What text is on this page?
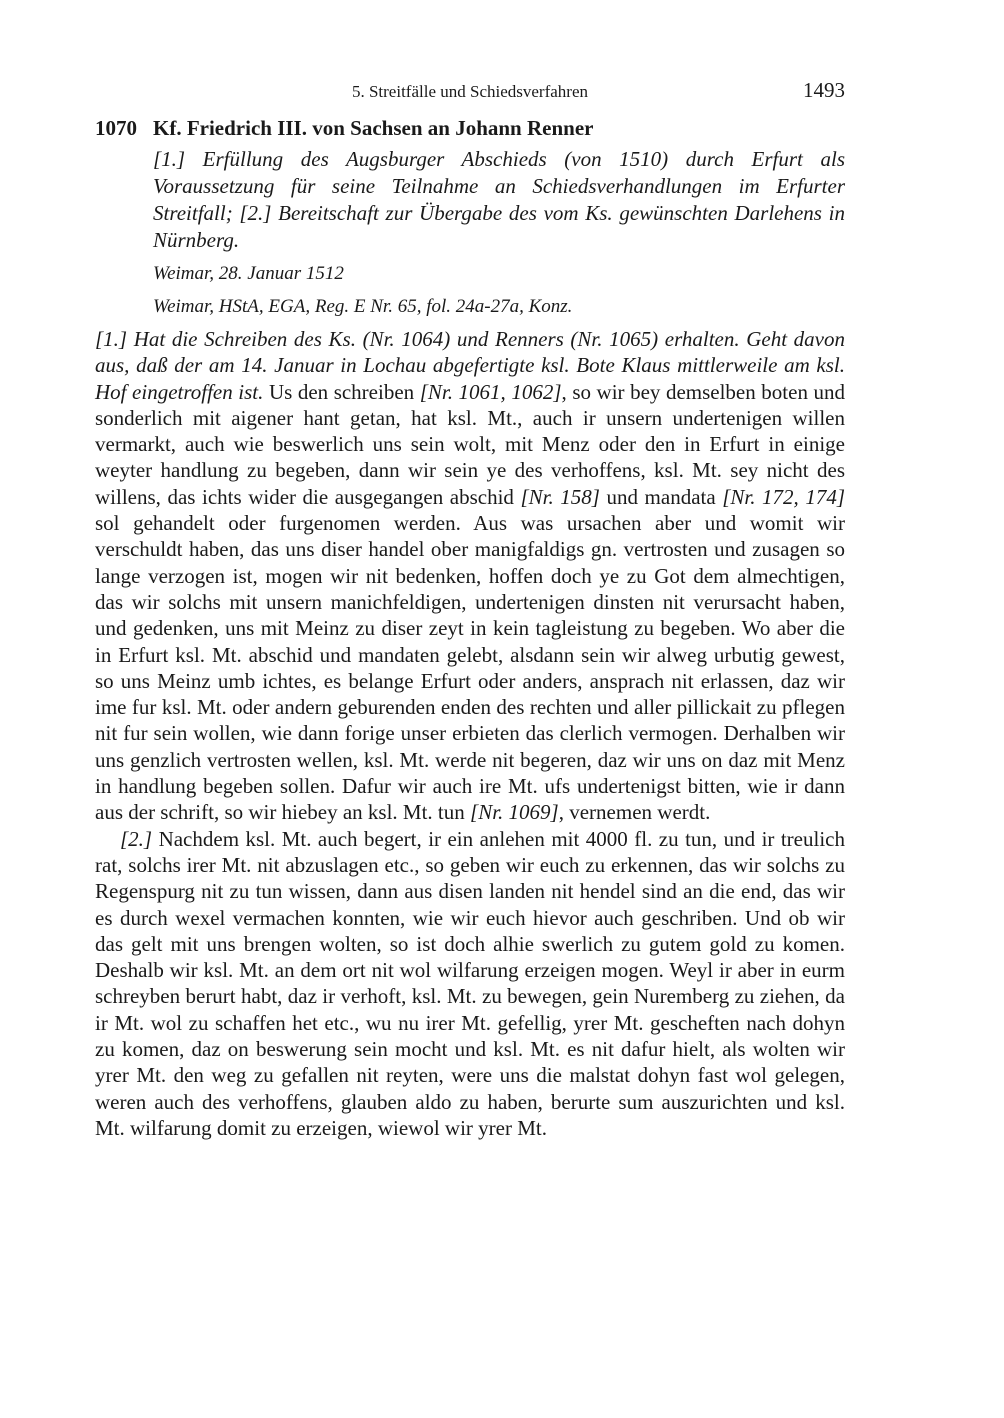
5. Streitfälle und Schiedsverfahren	1493
1070 Kf. Friedrich III. von Sachsen an Johann Renner

[1.] Erfüllung des Augsburger Abschieds (von 1510) durch Erfurt als Voraussetzung für seine Teilnahme an Schiedsverhandlungen im Erfurter Streitfall; [2.] Bereitschaft zur Übergabe des vom Ks. gewünschten Darlehens in Nürnberg.

Weimar, 28. Januar 1512

Weimar, HStA, EGA, Reg. E Nr. 65, fol. 24a-27a, Konz.

[1.] Hat die Schreiben des Ks. (Nr. 1064) und Renners (Nr. 1065) erhalten. Geht davon aus, daß der am 14. Januar in Lochau abgefertigte ksl. Bote Klaus mittlerweile am ksl. Hof eingetroffen ist. Us den schreiben [Nr. 1061, 1062], so wir bey demselben boten und sonderlich mit aigener hant getan, hat ksl. Mt., auch ir unsern undertenigen willen vermarkt, auch wie beswerlich uns sein wolt, mit Menz oder den in Erfurt in einige weyter handlung zu begeben, dann wir sein ye des verhoffens, ksl. Mt. sey nicht des willens, das ichts wider die ausgegangen abschid [Nr. 158] und mandata [Nr. 172, 174] sol gehandelt oder furgenomen werden. Aus was ursachen aber und womit wir verschuldt haben, das uns diser handel ober manigfaldigs gn. vertrosten und zusagen so lange verzogen ist, mogen wir nit bedenken, hoffen doch ye zu Got dem almechtigen, das wir solchs mit unsern manichfeldigen, undertenigen dinsten nit verursacht haben, und gedenken, uns mit Meinz zu diser zeyt in kein tagleistung zu begeben. Wo aber die in Erfurt ksl. Mt. abschid und mandaten gelebt, alsdann sein wir alweg urbutig gewest, so uns Meinz umb ichtes, es belange Erfurt oder anders, ansprach nit erlassen, daz wir ime fur ksl. Mt. oder andern geburenden enden des rechten und aller pillickait zu pflegen nit fur sein wollen, wie dann forige unser erbieten das clerlich vermogen. Derhalben wir uns genzlich vertrosten wellen, ksl. Mt. werde nit begeren, daz wir uns on daz mit Menz in handlung begeben sollen. Dafur wir auch ire Mt. ufs undertenigst bitten, wie ir dann aus der schrift, so wir hiebey an ksl. Mt. tun [Nr. 1069], vernemen werdt.

[2.] Nachdem ksl. Mt. auch begert, ir ein anlehen mit 4000 fl. zu tun, und ir treulich rat, solchs irer Mt. nit abzuslagen etc., so geben wir euch zu erkennen, das wir solchs zu Regenspurg nit zu tun wissen, dann aus disen landen nit hendel sind an die end, das wir es durch wexel vermachen konnten, wie wir euch hievor auch geschriben. Und ob wir das gelt mit uns brengen wolten, so ist doch alhie swerlich zu gutem gold zu komen. Deshalb wir ksl. Mt. an dem ort nit wol wilfarung erzeigen mogen. Weyl ir aber in eurm schreyben berurt habt, daz ir verhoft, ksl. Mt. zu bewegen, gein Nuremberg zu ziehen, da ir Mt. wol zu schaffen het etc., wu nu irer Mt. gefellig, yrer Mt. gescheften nach dohyn zu komen, daz on beswerung sein mocht und ksl. Mt. es nit dafur hielt, als wolten wir yrer Mt. den weg zu gefallen nit reyten, were uns die malstat dohyn fast wol gelegen, weren auch des verhoffens, glauben aldo zu haben, berurte sum auszurichten und ksl. Mt. wilfarung domit zu erzeigen, wiewol wir yrer Mt.
